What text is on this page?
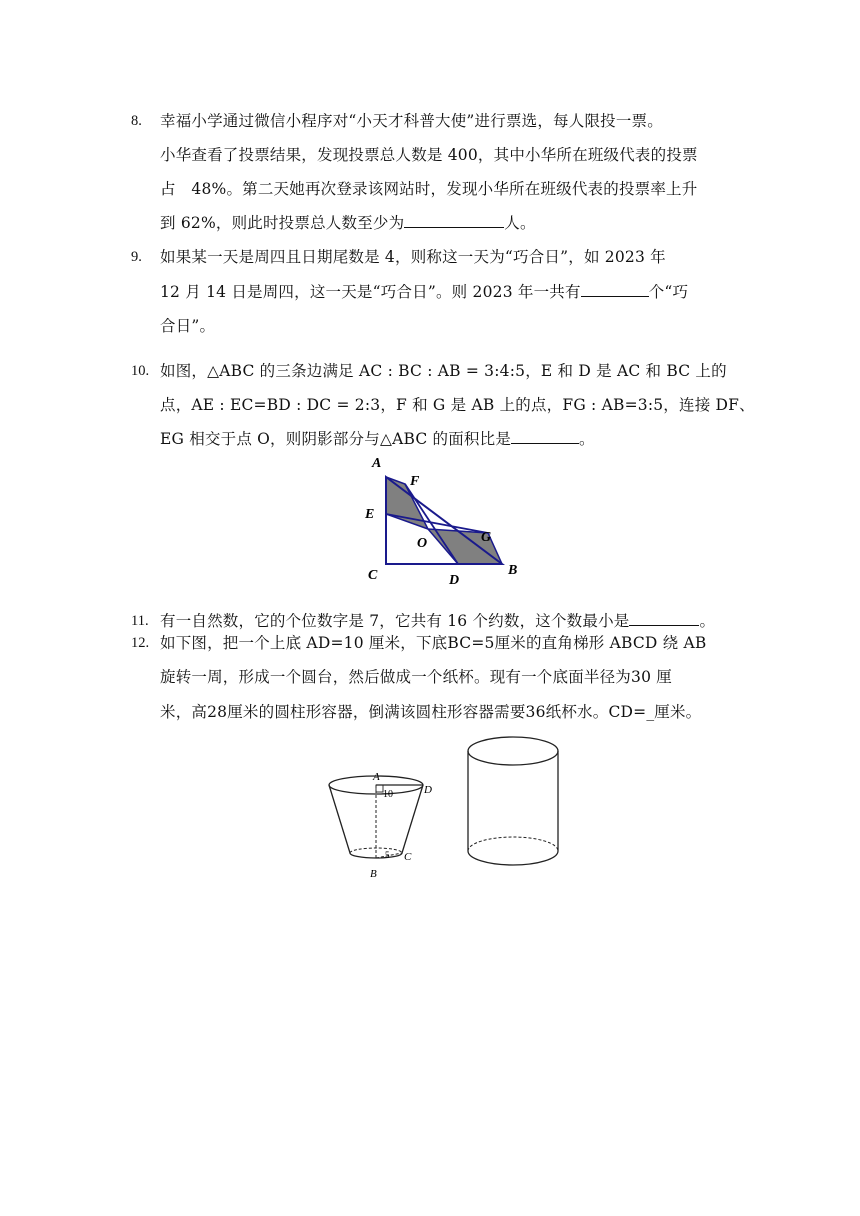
8. 幸福小学通过微信小程序对“小天才科普大使”进行票选，每人限投一票。
小华查看了投票结果，发现投票总人数是 400，其中小华所在班级代表的投票
占　48%。第二天她再次登录该网站时，发现小华所在班级代表的投票率上升
到 62%，则此时投票总人数至少为	人。
9. 如果某一天是周四且日期尾数是 4，则称这一天为“巧合日”，如 2023 年
12 月 14 日是周四，这一天是“巧合日”。则 2023 年一共有	个“巧
合日”。
10. 如图，△ABC 的三条边满足 AC : BC : AB = 3:4:5，E 和 D 是 AC 和 BC 上的
点，AE : EC=BD : DC = 2:3，F 和 G 是 AB 上的点，FG : AB=3:5，连接 DF、
EG 相交于点 O，则阴影部分与△ABC 的面积比是	。
A
F
E
O	G
C	D
B
11. 有一自然数，它的个位数字是 7，它共有 16 个约数，这个数最小是	。
12. 如下图，把一个上底 AD=10 厘米，下底BC=5厘米的直角梯形 ABCD 绕 AB
旋转一周，形成一个圆台，然后做成一个纸杯。现有一个底面半径为30 厘
米，高28厘米的圆柱形容器，倒满该圆柱形容器需要36纸杯水。CD=_厘米。
A
D
10
5 C
B
